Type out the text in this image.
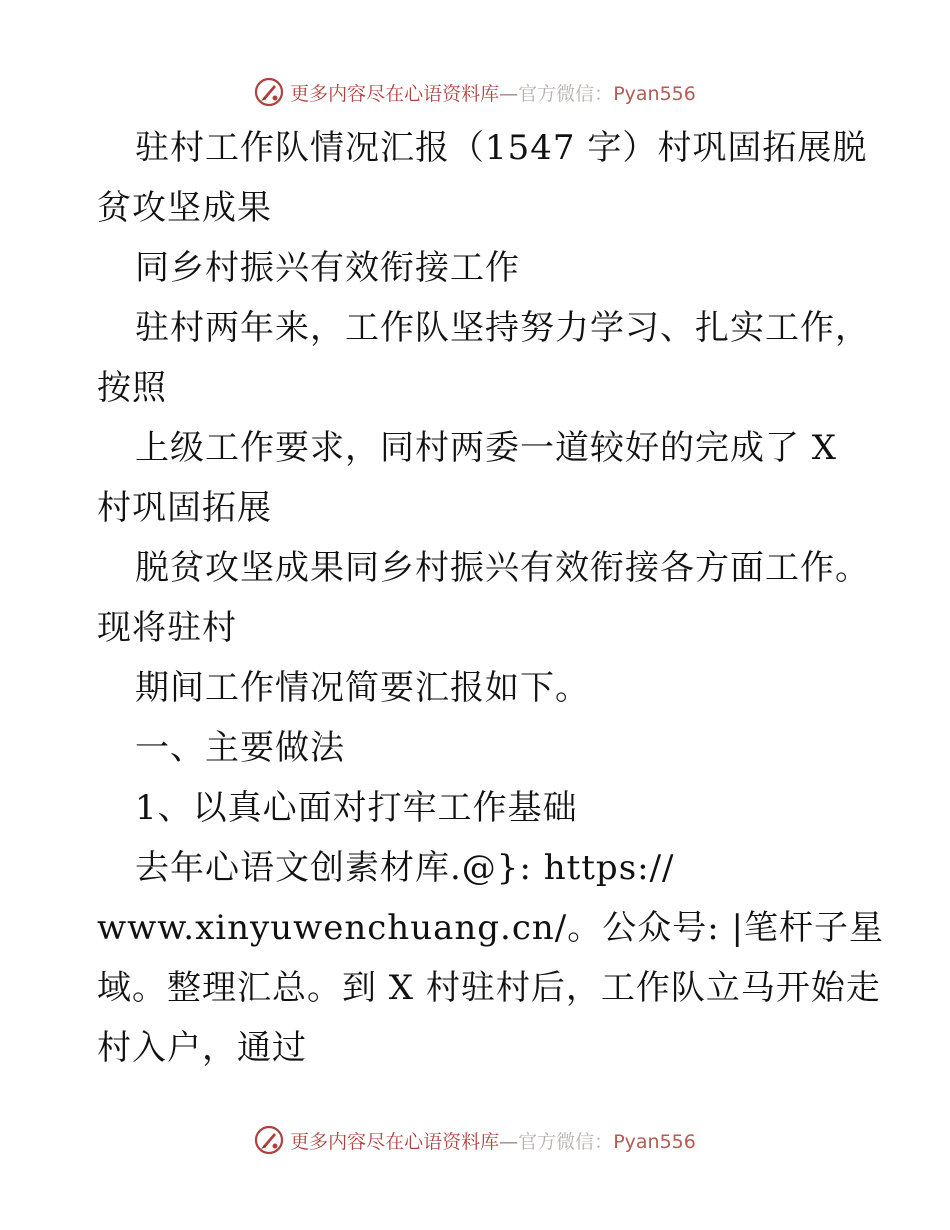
更多内容尽在心语资料库—官方微信：Pyan556
驻村工作队情况汇报（1547 字）村巩固拓展脱
贫攻坚成果
同乡村振兴有效衔接工作
驻村两年来，工作队坚持努力学习、扎实工作，
按照
上级工作要求，同村两委一道较好的完成了 X
村巩固拓展
脱贫攻坚成果同乡村振兴有效衔接各方面工作。
现将驻村
期间工作情况简要汇报如下。
一、主要做法
1、以真心面对打牢工作基础
去年心语文创素材库.@}: https://
www.xinyuwenchuang.cn/。公众号: |笔杆子星
域。整理汇总。到 X 村驻村后，工作队立马开始走
村入户，通过
更多内容尽在心语资料库—官方微信：Pyan556
